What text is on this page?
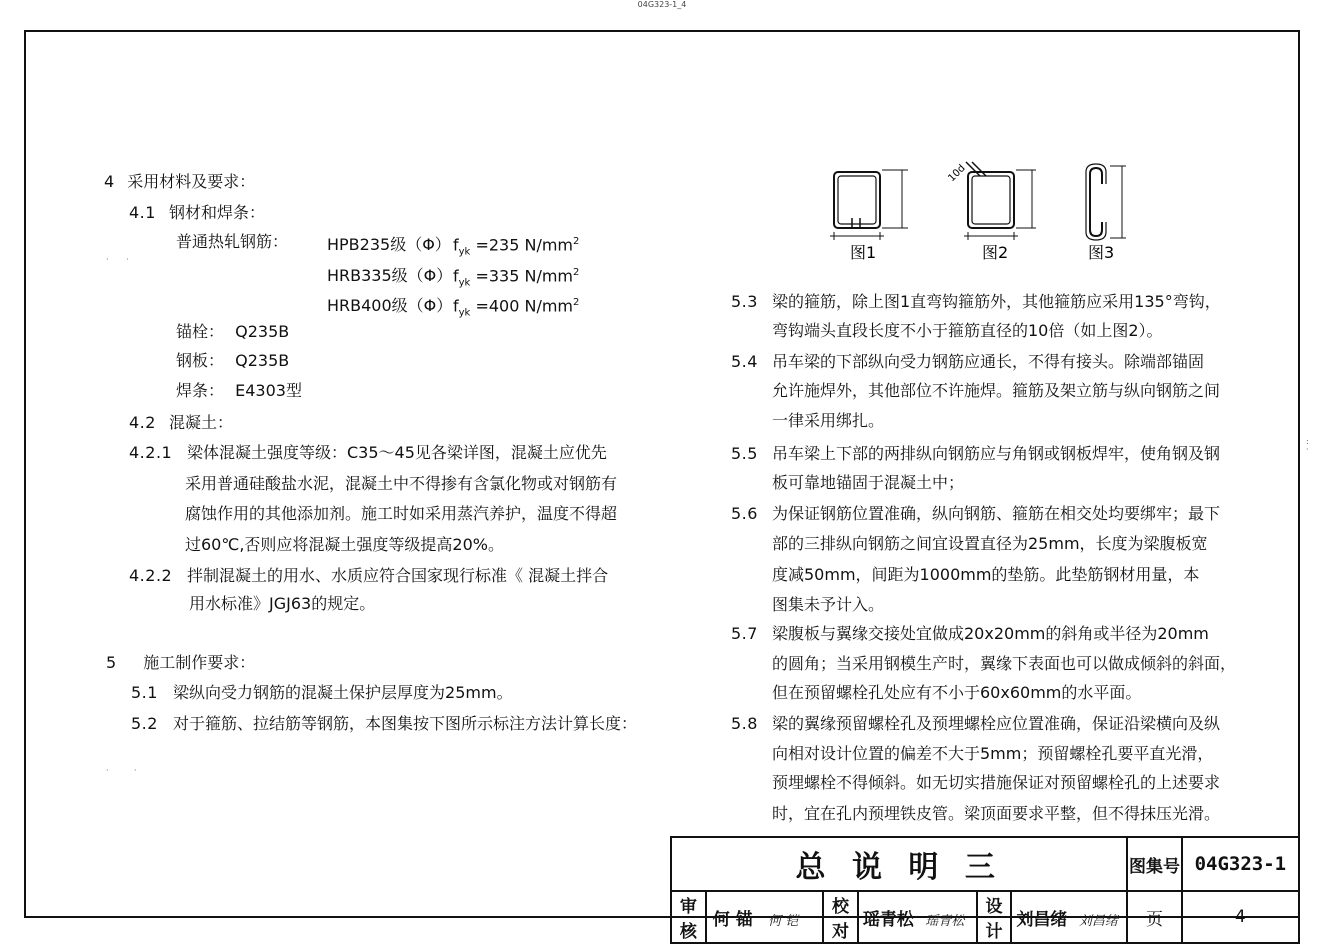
04G323-1_4
4 采用材料及要求：
4.1 钢材和焊条：
普通热轧钢筋： HPB235级（Φ） $f_{yk} =235$ $N/mm^2$
HRB335级$(\Phi)f_{yk} =335$ $N/mm^2$
HRB400级$(\Phi)f_{yk} =400$ $N/mm^2$
锚栓： Q235B
钢板： Q235B
焊条： E4303型
4.2 混凝土：
4.2.1 梁体混凝土强度等级：C35～45见各梁详图，混凝土应优先
采用普通硅酸盐水泥，混凝土中不得掺有含氯化物或对钢筋有
腐蚀作用的其他添加剂。施工时如采用蒸汽养护，温度不得超
过60℃,否则应将混凝土强度等级提高20%。
4.2.2 拌制混凝土的用水、水质应符合国家现行标准《 混凝土拌合
用水标准》JGJ63的规定。
5 施工制作要求：
5.1 梁纵向受力钢筋的混凝土保护层厚度为25mm。
5.2 对于箍筋、拉结筋等钢筋，本图集按下图所示标注方法计算长度：
·       ·
·          ·
10d
图1	图2	图3
5.3 梁的箍筋，除上图1直弯钩箍筋外，其他箍筋应采用135°弯钩，
弯钩端头直段长度不小于箍筋直径的10倍（如上图2）。
5.4 吊车梁的下部纵向受力钢筋应通长，不得有接头。除端部锚固
允许施焊外，其他部位不许施焊。箍筋及架立筋与纵向钢筋之间
一律采用绑扎。
5.5 吊车梁上下部的两排纵向钢筋应与角钢或钢板焊牢，使角钢及钢
板可靠地锚固于混凝土中；
5.6 为保证钢筋位置准确，纵向钢筋、箍筋在相交处均要绑牢；最下
部的三排纵向钢筋之间宜设置直径为25mm，长度为梁腹板宽
度减50mm，间距为1000mm的垫筋。此垫筋钢材用量，本
图集未予计入。
5.7 梁腹板与翼缘交接处宜做成20x20mm的斜角或半径为20mm
的圆角；当采用钢模生产时，翼缘下表面也可以做成倾斜的斜面，
但在预留螺栓孔处应有不小于60x60mm的水平面。
5.8 梁的翼缘预留螺栓孔及预埋螺栓应位置准确，保证沿梁横向及纵
向相对设计位置的偏差不大于5mm；预留螺栓孔要平直光滑，
预埋螺栓不得倾斜。如无切实措施保证对预留螺栓孔的上述要求
时，宜在孔内预埋铁皮管。梁顶面要求平整，但不得抹压光滑。
:
·
总 说 明 三						图集号	04G323-1
审核	何 锚 何 铠	校对	瑶青松 瑶青松	设计	刘昌绪 刘昌绪	页	4
